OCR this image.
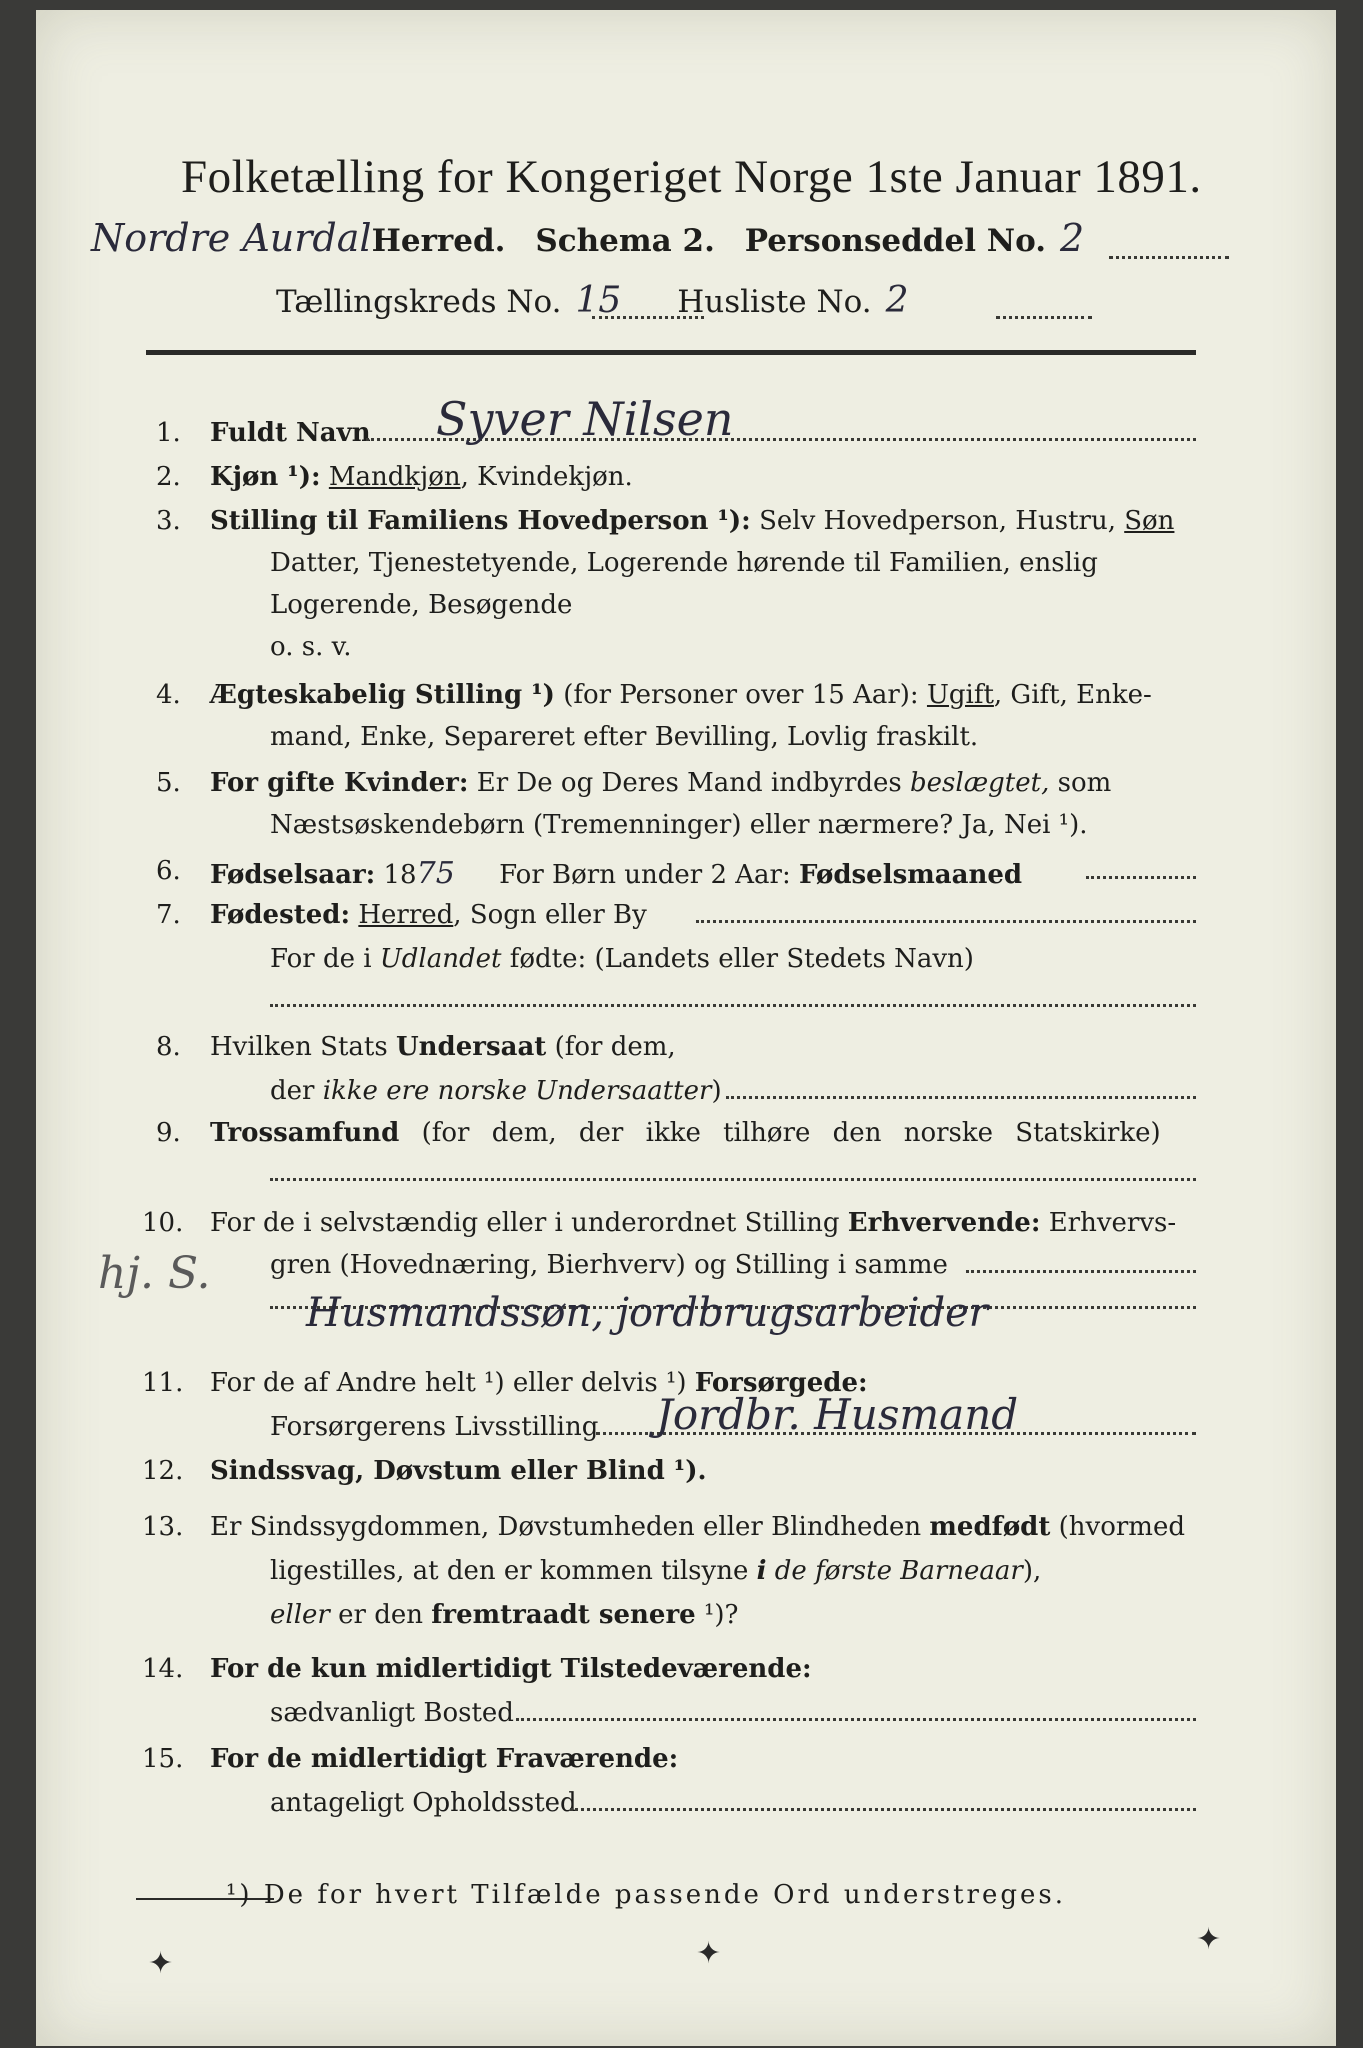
Folketælling for Kongeriget Norge 1ste Januar 1891.
Nordre AurdalHerred. Schema 2. Personseddel No. 2
Tællingskreds No. 15 Husliste No. 2
1. Fuldt Navn Syver Nilsen
2. Kjøn ¹): Mandkjøn, Kvindekjøn.
3. Stilling til Familiens Hovedperson ¹): Selv Hovedperson, Hustru, Søn
Datter, Tjenestetyende, Logerende hørende til Familien, enslig
Logerende, Besøgende
o. s. v.
4. Ægteskabelig Stilling ¹) (for Personer over 15 Aar): Ugift, Gift, Enke-
mand, Enke, Separeret efter Bevilling, Lovlig fraskilt.
5. For gifte Kvinder: Er De og Deres Mand indbyrdes beslægtet, som
Næstsøskendebørn (Tremenninger) eller nærmere? Ja, Nei ¹).
6. Fødselsaar: 1875 For Børn under 2 Aar: Fødselsmaaned
7. Fødested: Herred, Sogn eller By
For de i Udlandet fødte: (Landets eller Stedets Navn)
8. Hvilken Stats Undersaat (for dem,
der ikke ere norske Undersaatter)
9. Trossamfund (for dem, der ikke tilhøre den norske Statskirke)
10. For de i selvstændig eller i underordnet Stilling Erhvervende: Erhvervs-
gren (Hovednæring, Bierhverv) og Stilling i samme
Husmandssøn, jordbrugsarbeider
hj. S.
11. For de af Andre helt ¹) eller delvis ¹) Forsørgede:
Forsørgerens Livsstilling Jordbr. Husmand
12. Sindssvag, Døvstum eller Blind ¹).
13. Er Sindssygdommen, Døvstumheden eller Blindheden medfødt (hvormed
ligestilles, at den er kommen tilsyne i de første Barneaar),
eller er den fremtraadt senere ¹)?
14. For de kun midlertidigt Tilstedeværende:
sædvanligt Bosted
15. For de midlertidigt Fraværende:
antageligt Opholdssted
¹) De for hvert Tilfælde passende Ord understreges.
✦	✦	✦
